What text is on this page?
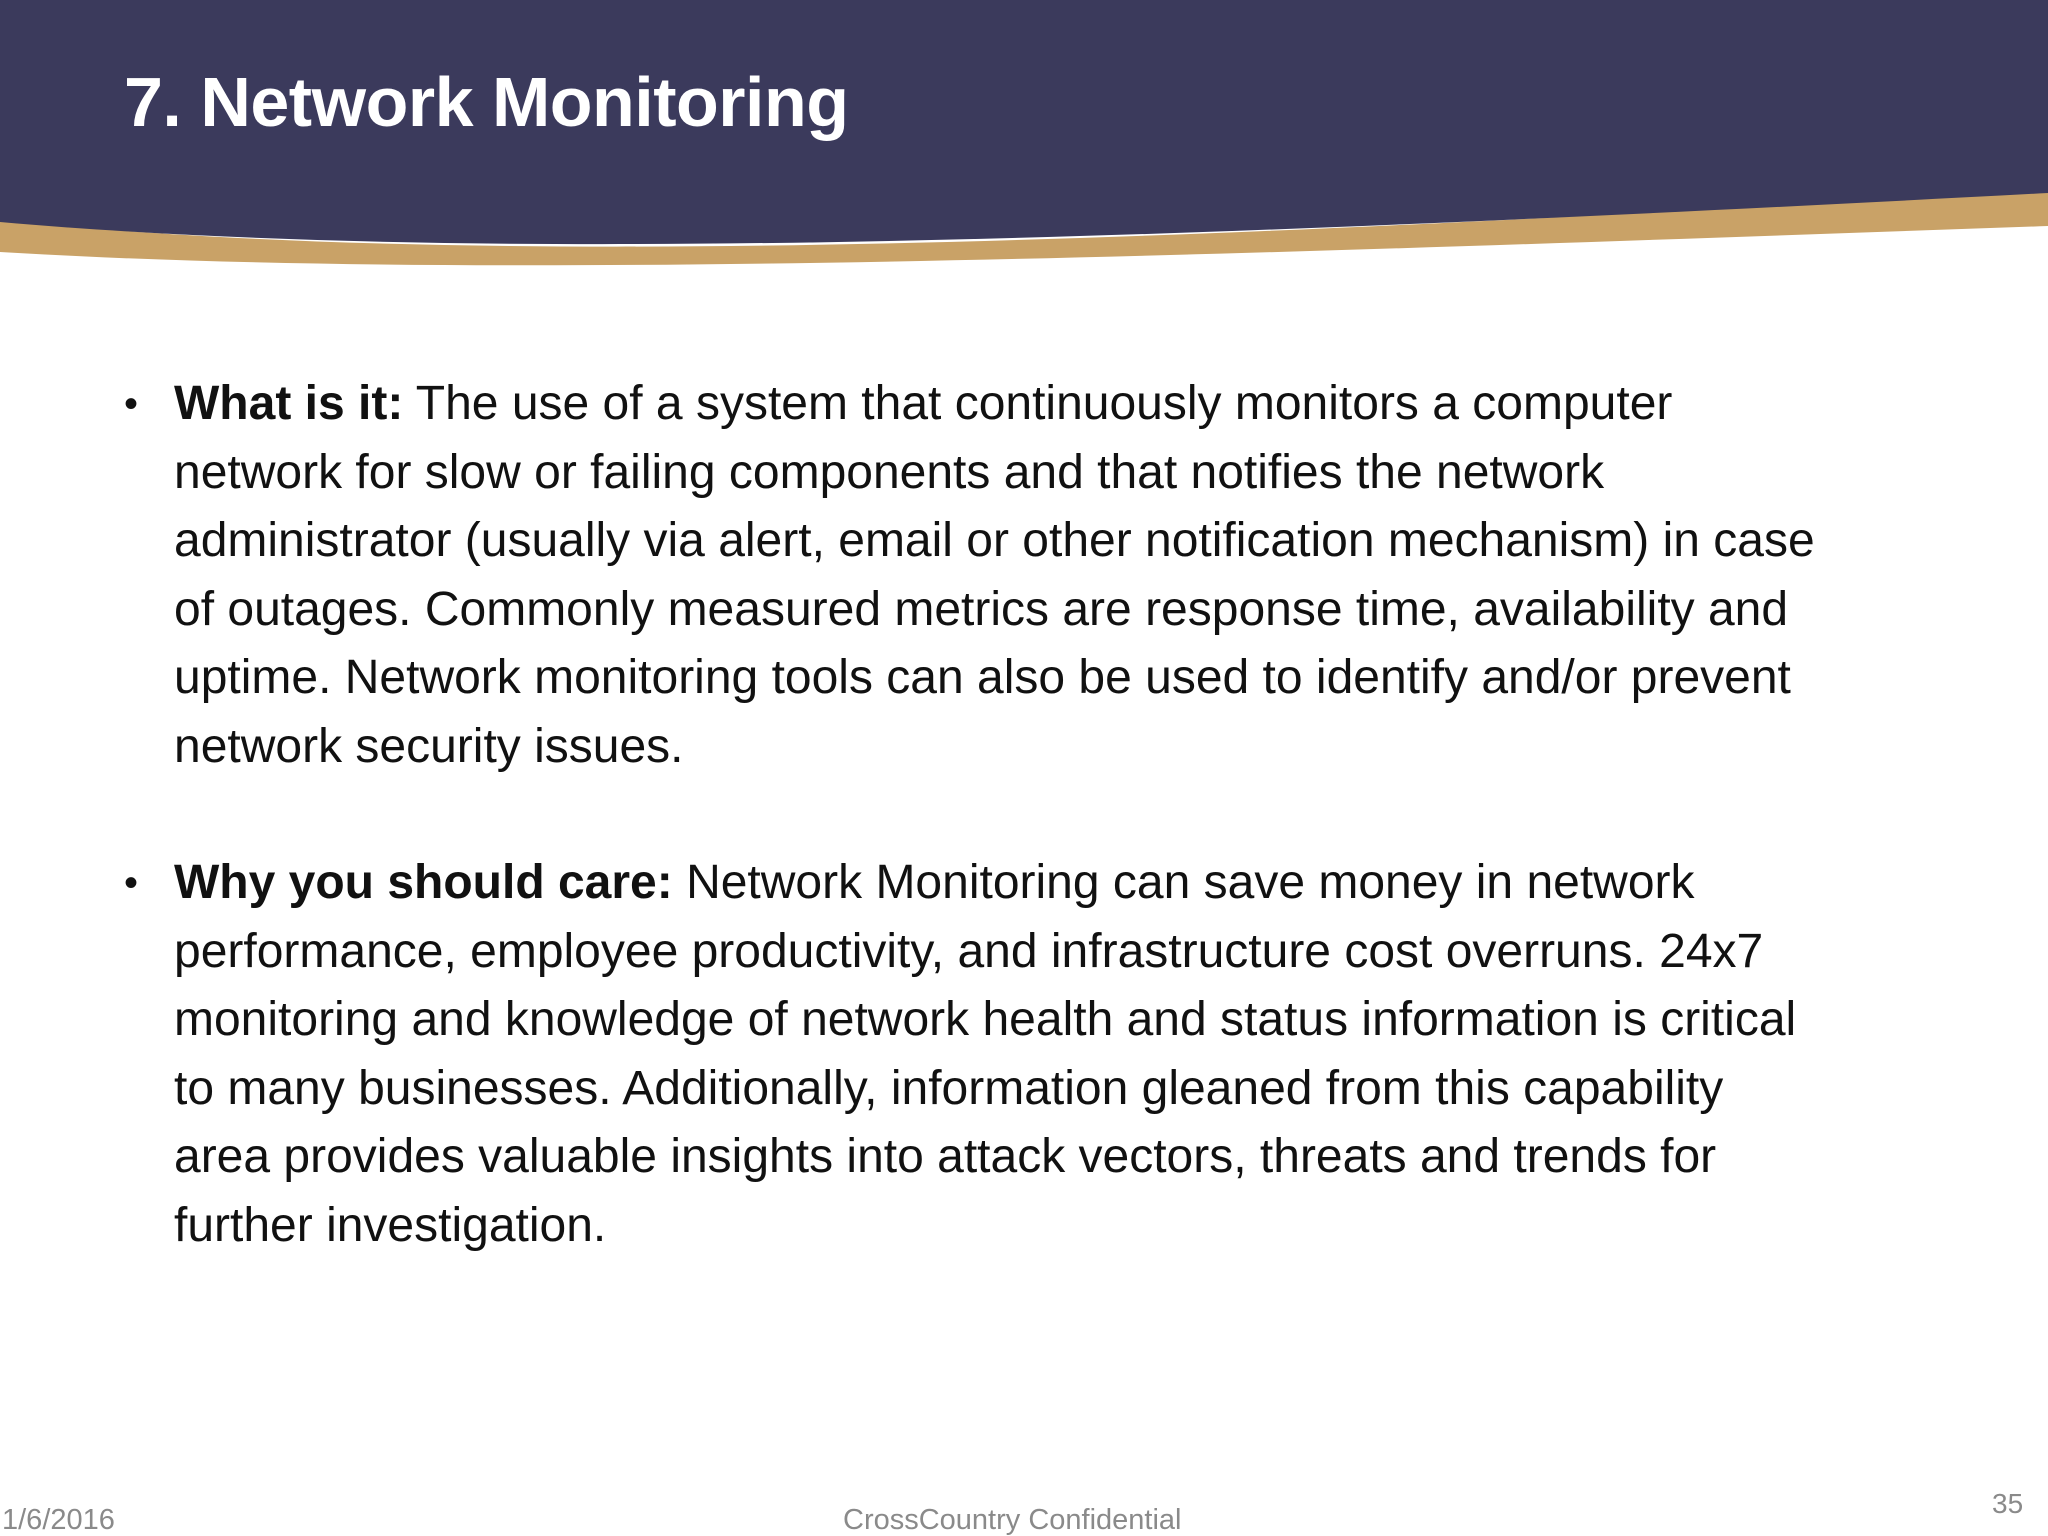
7. Network Monitoring

• What is it: The use of a system that continuously monitors a computer network for slow or failing components and that notifies the network administrator (usually via alert, email or other notification mechanism) in case of outages. Commonly measured metrics are response time, availability and uptime. Network monitoring tools can also be used to identify and/or prevent network security issues.

• Why you should care: Network Monitoring can save money in network performance, employee productivity, and infrastructure cost overruns. 24x7 monitoring and knowledge of network health and status information is critical to many businesses. Additionally, information gleaned from this capability area provides valuable insights into attack vectors, threats and trends for further investigation.

1/6/2016	CrossCountry Confidential
35
